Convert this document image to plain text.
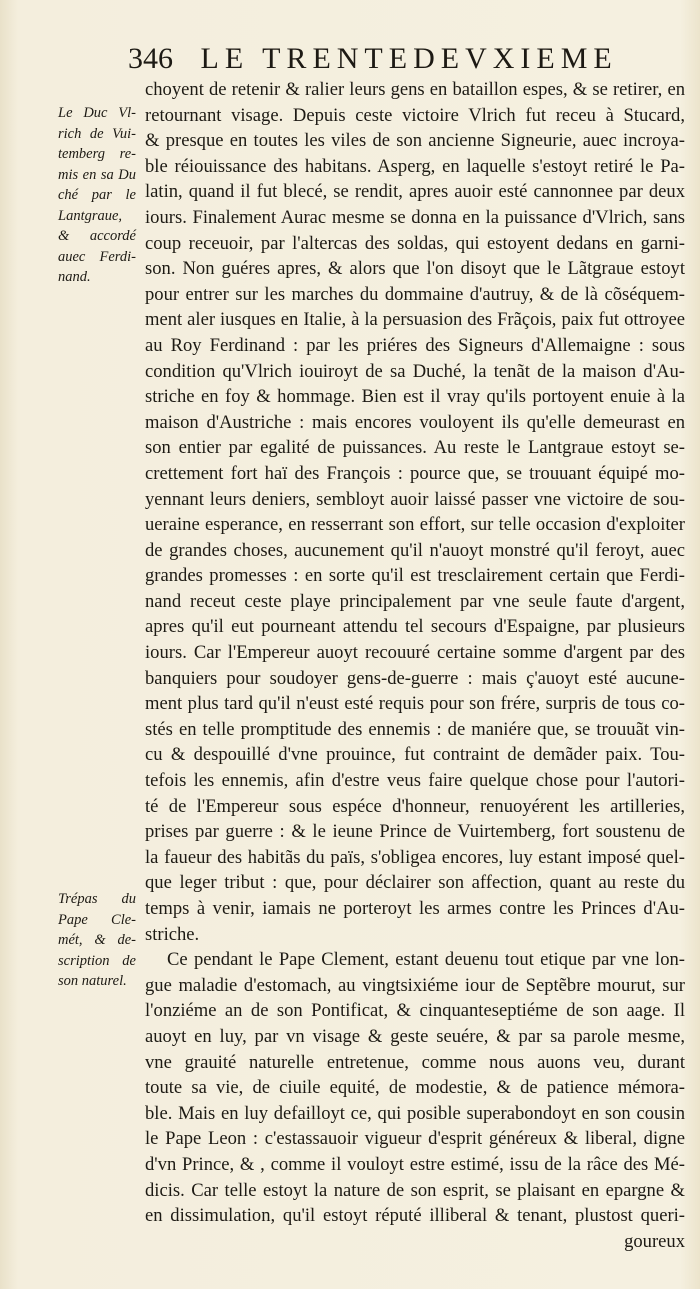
346 LE TRENTEDEVXIEME
Le Duc Vl-
rich de Vui-
temberg re-
mis en sa Du
ché par le
Lantgraue,
& accordé
auec Ferdi-
nand.
Trépas du
Pape Cle-
mét, & de-
scription de
son naturel.
choyent de retenir & ralier leurs gens en bataillon espes, & se retirer, en
retournant visage. Depuis ceste victoire Vlrich fut receu à Stucard,
& presque en toutes les viles de son ancienne Signeurie, auec incroya-
ble réiouissance des habitans. Asperg, en laquelle s'estoyt retiré le Pa-
latin, quand il fut blecé, se rendit, apres auoir esté cannonnee par deux
iours. Finalement Aurac mesme se donna en la puissance d'Vlrich, sans
coup receuoir, par l'altercas des soldas, qui estoyent dedans en garni-
son. Non guéres apres, & alors que l'on disoyt que le Lãtgraue estoyt
pour entrer sur les marches du dommaine d'autruy, & de là cõséquem-
ment aler iusques en Italie, à la persuasion des Frãçois, paix fut ottroyee
au Roy Ferdinand : par les priéres des Signeurs d'Allemaigne : sous
condition qu'Vlrich iouiroyt de sa Duché, la tenãt de la maison d'Au-
striche en foy & hommage. Bien est il vray qu'ils portoyent enuie à la
maison d'Austriche : mais encores vouloyent ils qu'elle demeurast en
son entier par egalité de puissances. Au reste le Lantgraue estoyt se-
crettement fort haï des François : pource que, se trouuant équipé mo-
yennant leurs deniers, sembloyt auoir laissé passer vne victoire de sou-
ueraine esperance, en resserrant son effort, sur telle occasion d'exploiter
de grandes choses, aucunement qu'il n'auoyt monstré qu'il feroyt, auec
grandes promesses : en sorte qu'il est tresclairement certain que Ferdi-
nand receut ceste playe principalement par vne seule faute d'argent,
apres qu'il eut pourneant attendu tel secours d'Espaigne, par plusieurs
iours. Car l'Empereur auoyt recouuré certaine somme d'argent par des
banquiers pour soudoyer gens-de-guerre : mais ç'auoyt esté aucune-
ment plus tard qu'il n'eust esté requis pour son frére, surpris de tous co-
stés en telle promptitude des ennemis : de maniére que, se trouuãt vin-
cu & despouillé d'vne prouince, fut contraint de demãder paix. Tou-
tefois les ennemis, afin d'estre veus faire quelque chose pour l'autori-
té de l'Empereur sous espéce d'honneur, renuoyérent les artilleries,
prises par guerre : & le ieune Prince de Vuirtemberg, fort soustenu de
la faueur des habitãs du païs, s'obligea encores, luy estant imposé quel-
que leger tribut : que, pour déclairer son affection, quant au reste du
temps à venir, iamais ne porteroyt les armes contre les Princes d'Au-
striche.
Ce pendant le Pape Clement, estant deuenu tout etique par vne lon-
gue maladie d'estomach, au vingtsixiéme iour de Septẽbre mourut, sur
l'onziéme an de son Pontificat, & cinquanteseptiéme de son aage. Il
auoyt en luy, par vn visage & geste seuére, & par sa parole mesme,
vne grauité naturelle entretenue, comme nous auons veu, durant
toute sa vie, de ciuile equité, de modestie, & de patience mémora-
ble. Mais en luy defailloyt ce, qui posible superabondoyt en son cousin
le Pape Leon : c'estassauoir vigueur d'esprit généreux & liberal, digne
d'vn Prince, & , comme il vouloyt estre estimé, issu de la râce des Mé-
dicis. Car telle estoyt la nature de son esprit, se plaisant en epargne &
en dissimulation, qu'il estoyt réputé illiberal & tenant, plustost queri-
goureux
